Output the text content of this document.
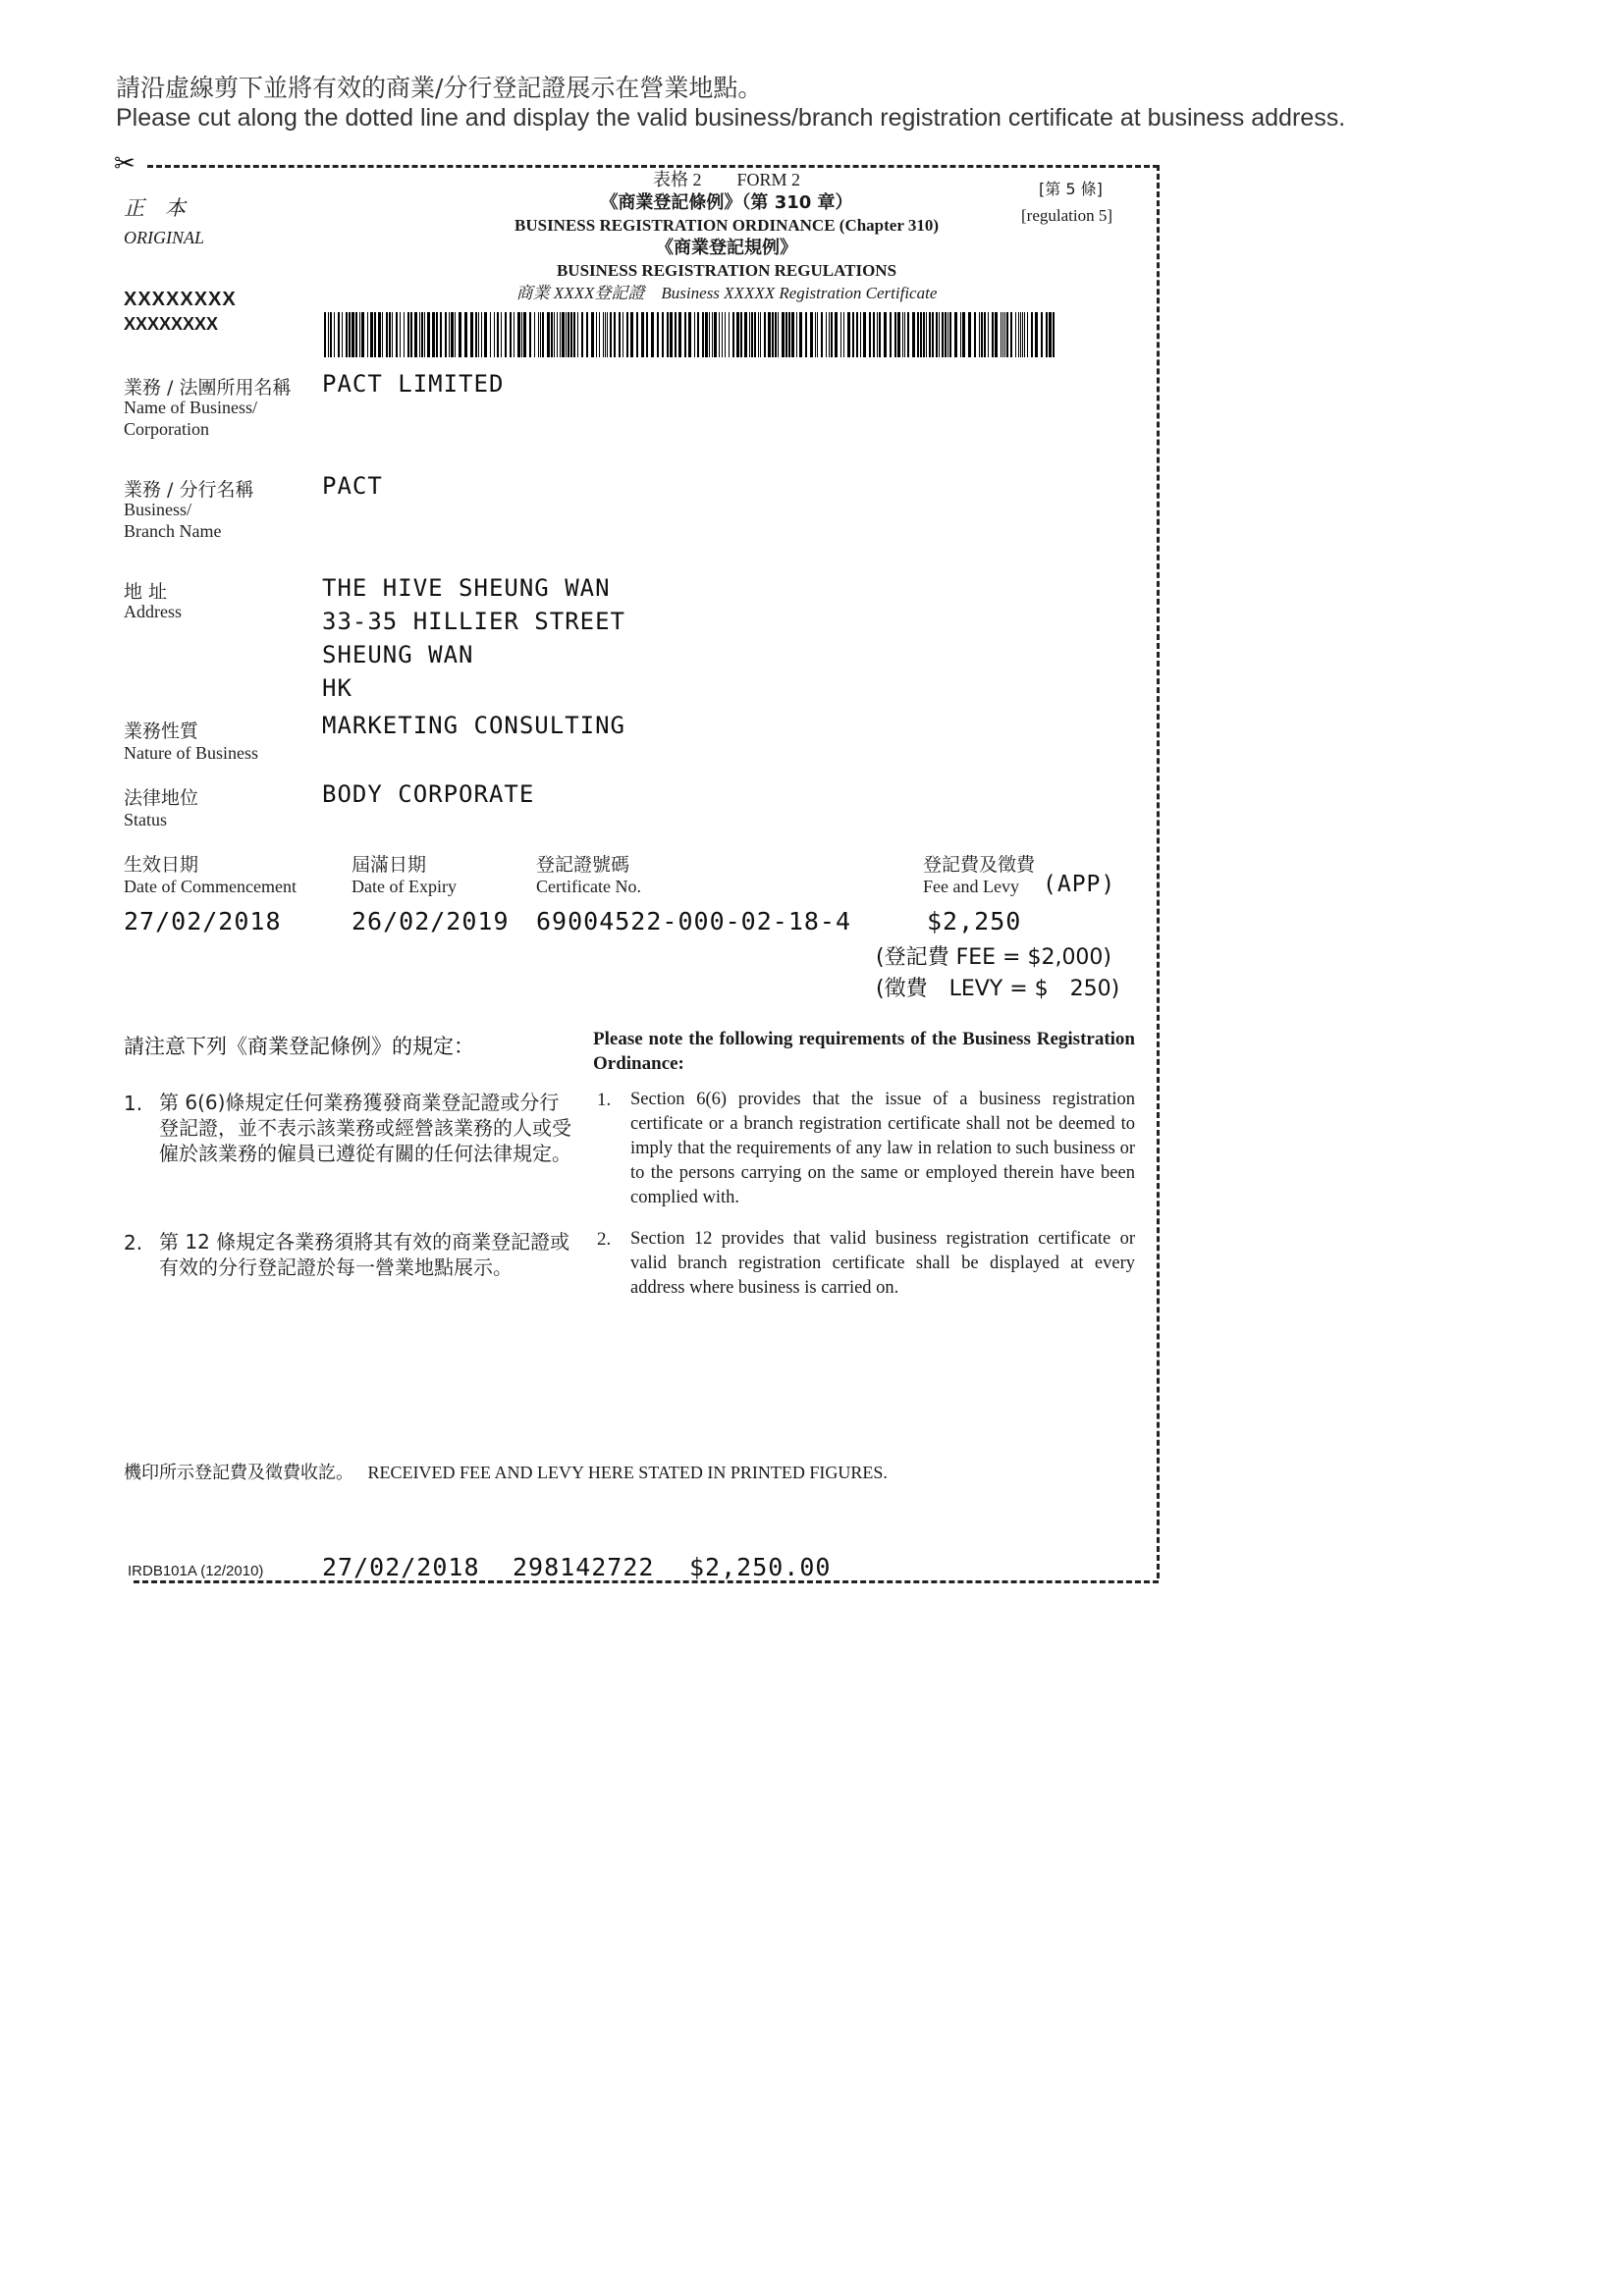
請沿虛線剪下並將有效的商業/分行登記證展示在營業地點。
Please cut along the dotted line and display the valid business/branch registration certificate at business address.
✂
正　本
ORIGINAL
表格 2　　FORM 2
《商業登記條例》（第 310 章）
BUSINESS REGISTRATION ORDINANCE (Chapter 310)
《商業登記規例》
BUSINESS REGISTRATION REGULATIONS
商業 XXXX登記證　Business XXXXX Registration Certificate
[第 5 條]
[regulation 5]
XXXXXXXX
XXXXXXXX
業務 / 法團所用名稱
Name of Business/ Corporation
PACT LIMITED
業務 / 分行名稱
Business/ Branch Name
PACT
地 址
Address
THE HIVE SHEUNG WAN
33-35 HILLIER STREET
SHEUNG WAN
HK
業務性質
Nature of Business
MARKETING CONSULTING
法律地位
Status
BODY CORPORATE
生效日期
Date of Commencement
27/02/2018
屆滿日期
Date of Expiry
26/02/2019
登記證號碼
Certificate No.
69004522-000-02-18-4
登記費及徵費
Fee and Levy (APP)
$2,250
(登記費 FEE = $2,000)
(徵費　LEVY = $　250)
請注意下列《商業登記條例》的規定：	Please note the following requirements of the Business Registration Ordinance:
1. 第 6(6)條規定任何業務獲發商業登記證或分行登記證，並不表示該業務或經營該業務的人或受僱於該業務的僱員已遵從有關的任何法律規定。
1. Section 6(6) provides that the issue of a business registration certificate or a branch registration certificate shall not be deemed to imply that the requirements of any law in relation to such business or to the persons carrying on the same or employed therein have been complied with.
2. 第 12 條規定各業務須將其有效的商業登記證或有效的分行登記證於每一營業地點展示。
2. Section 12 provides that valid business registration certificate or valid branch registration certificate shall be displayed at every address where business is carried on.
機印所示登記費及徵費收訖。 RECEIVED FEE AND LEVY HERE STATED IN PRINTED FIGURES.
IRDB101A (12/2010) 27/02/2018 298142722 $2,250.00
